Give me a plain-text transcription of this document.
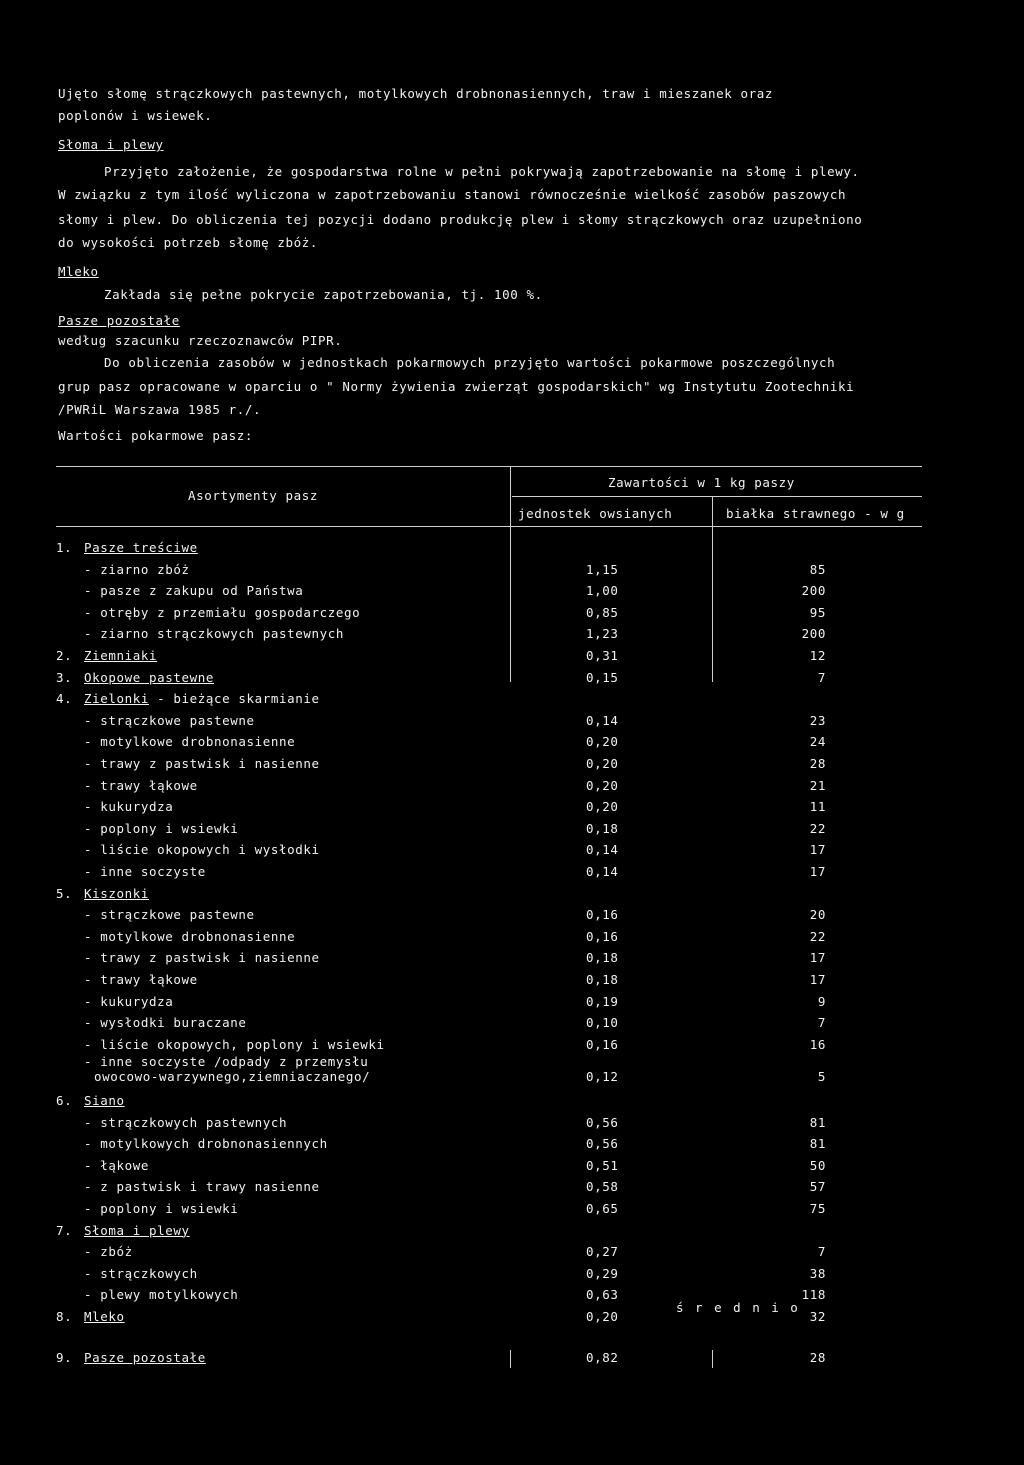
Ujęto słomę strączkowych pastewnych, motylkowych drobnonasiennych, traw i mieszanek oraz
poplonów i wsiewek.
Słoma i plewy
Przyjęto założenie, że gospodarstwa rolne w pełni pokrywają zapotrzebowanie na słomę i plewy.
W związku z tym ilość wyliczona w zapotrzebowaniu stanowi równocześnie wielkość zasobów paszowych
słomy i plew. Do obliczenia tej pozycji dodano produkcję plew i słomy strączkowych oraz uzupełniono
do wysokości potrzeb słomę zbóż.
Mleko
Zakłada się pełne pokrycie zapotrzebowania, tj. 100 %.
Pasze pozostałe
według szacunku rzeczoznawców PIPR.
Do obliczenia zasobów w jednostkach pokarmowych przyjęto wartości pokarmowe poszczególnych
grup pasz opracowane w oparciu o " Normy żywienia zwierząt gospodarskich" wg Instytutu Zootechniki
/PWRiL Warszawa 1985 r./.
Wartości pokarmowe pasz:
Asortymenty pasz
Zawartości w 1 kg paszy
jednostek owsianych	białka strawnego - w g
1. Pasze treściwe
- ziarno zbóż	1,15	85
- pasze z zakupu od Państwa	1,00	200
- otręby z przemiału gospodarczego	0,85	95
- ziarno strączkowych pastewnych	1,23	200
2. Ziemniaki	0,31	12
3. Okopowe pastewne	0,15	7
4. Zielonki - bieżące skarmianie
- strączkowe pastewne	0,14	23
- motylkowe drobnonasienne	0,20	24
- trawy z pastwisk i nasienne	0,20	28
- trawy łąkowe	0,20	21
- kukurydza	0,20	11
- poplony i wsiewki	0,18	22
- liście okopowych i wysłodki	0,14	17
- inne soczyste	0,14	17
5. Kiszonki
- strączkowe pastewne	0,16	20
- motylkowe drobnonasienne	0,16	22
- trawy z pastwisk i nasienne	0,18	17
- trawy łąkowe	0,18	17
- kukurydza	0,19	9
- wysłodki buraczane	0,10	7
- liście okopowych, poplony i wsiewki	0,16	16
- inne soczyste /odpady z przemysłu
owocowo-warzywnego,ziemniaczanego/	0,12	5
6. Siano
- strączkowych pastewnych	0,56	81
- motylkowych drobnonasiennych	0,56	81
- łąkowe	0,51	50
- z pastwisk i trawy nasienne	0,58	57
- poplony i wsiewki	0,65	75
7. Słoma i plewy
- zbóż	0,27	7
- strączkowych	0,29	38
- plewy motylkowych	0,63	118
8. Mleko	0,20	32
ś r e d n i o
9. Pasze pozostałe	0,82	28
